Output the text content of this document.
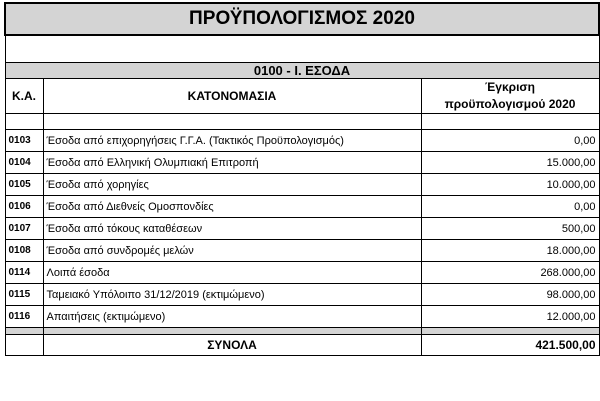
ΠΡΟΫΠΟΛΟΓΙΣΜΟΣ 2020		

0100 - Ι. ΕΣΟΔΑ		
Κ.Α.	ΚΑΤΟΝΟΜΑΣΙΑ	Έγκριση
προϋπολογισμού 2020

0103	Έσοδα από επιχορηγήσεις Γ.Γ.Α. (Τακτικός Προϋπολογισμός)	0,00
0104	Έσοδα από Ελληνική Ολυμπιακή Επιτροπή	15.000,00
0105	Έσοδα από χορηγίες	10.000,00
0106	Έσοδα από Διεθνείς Ομοσπονδίες	0,00
0107	Έσοδα από τόκους καταθέσεων	500,00
0108	Έσοδα από συνδρομές μελών	18.000,00
0114	Λοιπά έσοδα	268.000,00
0115	Ταμειακό Υπόλοιπο 31/12/2019 (εκτιμώμενο)	98.000,00
0116	Απαιτήσεις (εκτιμώμενο)	12.000,00

	ΣΥΝΟΛΑ	421.500,00
